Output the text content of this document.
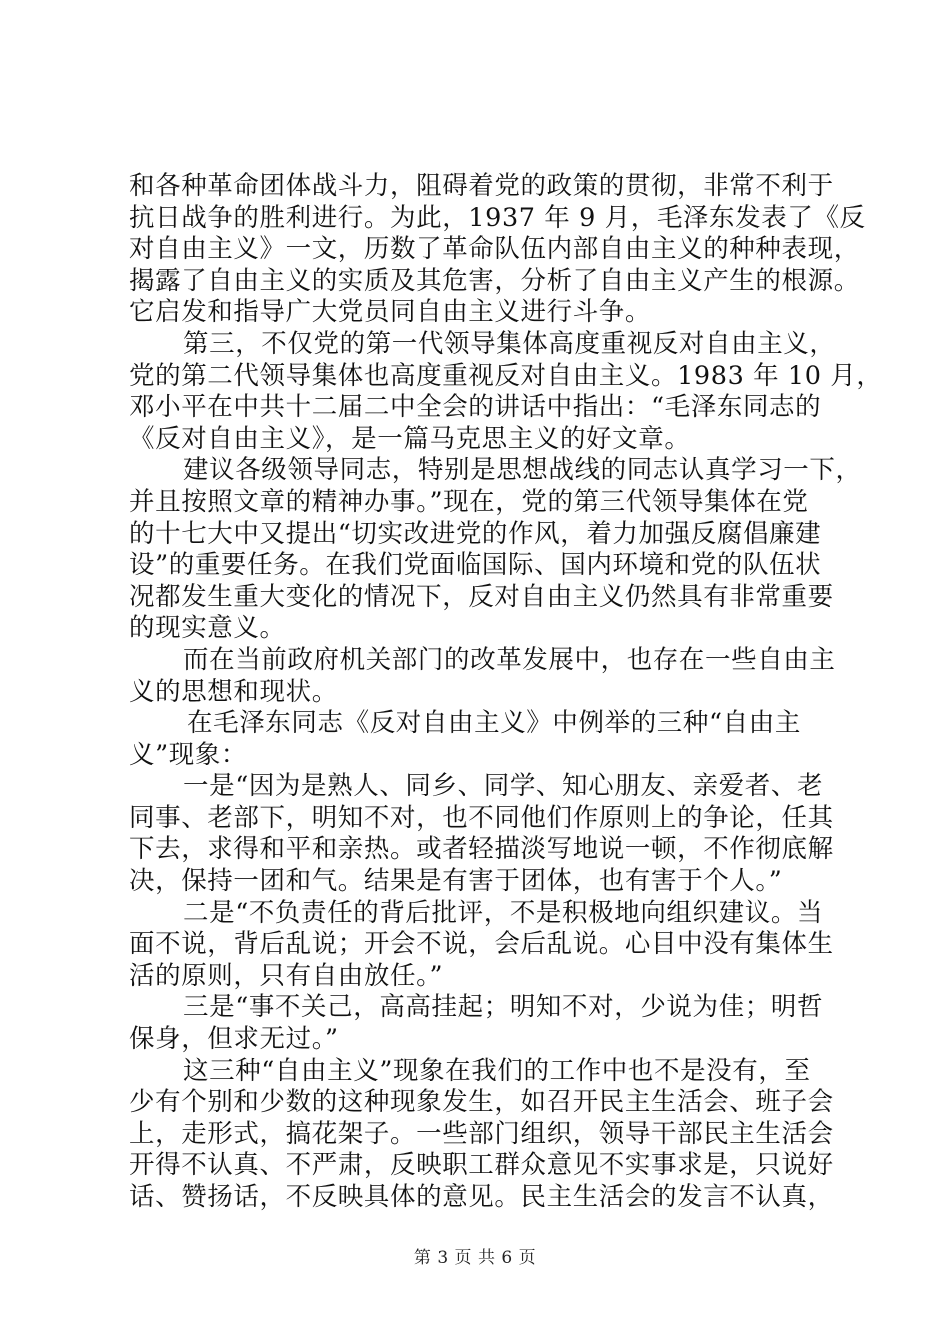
和各种革命团体战斗力，阻碍着党的政策的贯彻，非常不利于
抗日战争的胜利进行。为此，1937 年 9 月，毛泽东发表了《反
对自由主义》一文，历数了革命队伍内部自由主义的种种表现，
揭露了自由主义的实质及其危害，分析了自由主义产生的根源。
它启发和指导广大党员同自由主义进行斗争。
第三，不仅党的第一代领导集体高度重视反对自由主义，
党的第二代领导集体也高度重视反对自由主义。1983 年 10 月，
邓小平在中共十二届二中全会的讲话中指出：“毛泽东同志的
《反对自由主义》，是一篇马克思主义的好文章。
建议各级领导同志，特别是思想战线的同志认真学习一下，
并且按照文章的精神办事。”现在，党的第三代领导集体在党
的十七大中又提出“切实改进党的作风，着力加强反腐倡廉建
设”的重要任务。在我们党面临国际、国内环境和党的队伍状
况都发生重大变化的情况下，反对自由主义仍然具有非常重要
的现实意义。
而在当前政府机关部门的改革发展中，也存在一些自由主
义的思想和现状。
在毛泽东同志《反对自由主义》中例举的三种“自由主
义”现象：
一是“因为是熟人、同乡、同学、知心朋友、亲爱者、老
同事、老部下，明知不对，也不同他们作原则上的争论，任其
下去，求得和平和亲热。或者轻描淡写地说一顿，不作彻底解
决，保持一团和气。结果是有害于团体，也有害于个人。”
二是“不负责任的背后批评，不是积极地向组织建议。当
面不说，背后乱说；开会不说，会后乱说。心目中没有集体生
活的原则，只有自由放任。”
三是“事不关己，高高挂起；明知不对，少说为佳；明哲
保身，但求无过。”
这三种“自由主义”现象在我们的工作中也不是没有，至
少有个别和少数的这种现象发生，如召开民主生活会、班子会
上，走形式，搞花架子。一些部门组织，领导干部民主生活会
开得不认真、不严肃，反映职工群众意见不实事求是，只说好
话、赞扬话，不反映具体的意见。民主生活会的发言不认真，
第 3 页 共 6 页
